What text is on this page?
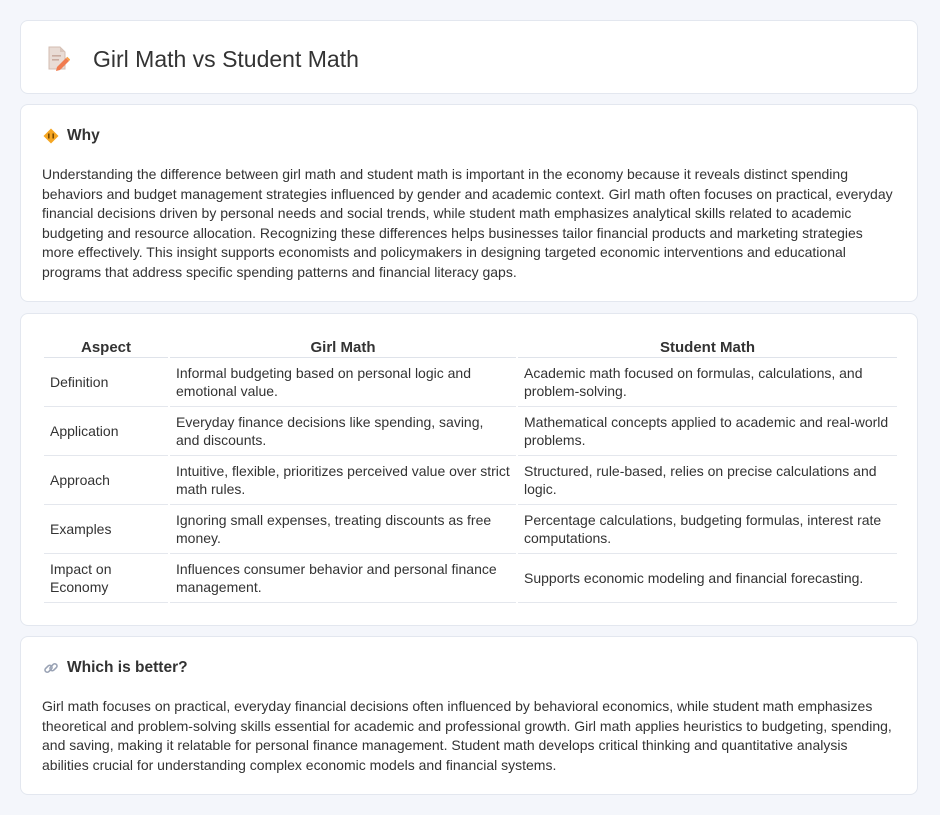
Girl Math vs Student Math
Why

Understanding the difference between girl math and student math is important in the economy because it reveals distinct spending behaviors and budget management strategies influenced by gender and academic context. Girl math often focuses on practical, everyday financial decisions driven by personal needs and social trends, while student math emphasizes analytical skills related to academic budgeting and resource allocation. Recognizing these differences helps businesses tailor financial products and marketing strategies more effectively. This insight supports economists and policymakers in designing targeted economic interventions and educational programs that address specific spending patterns and financial literacy gaps.

Aspect	Girl Math	Student Math
Definition	Informal budgeting based on personal logic and emotional value.	Academic math focused on formulas, calculations, and problem-solving.
Application	Everyday finance decisions like spending, saving, and discounts.	Mathematical concepts applied to academic and real-world problems.
Approach	Intuitive, flexible, prioritizes perceived value over strict math rules.	Structured, rule-based, relies on precise calculations and logic.
Examples	Ignoring small expenses, treating discounts as free money.	Percentage calculations, budgeting formulas, interest rate computations.
Impact on Economy	Influences consumer behavior and personal finance management.	Supports economic modeling and financial forecasting.
Which is better?

Girl math focuses on practical, everyday financial decisions often influenced by behavioral economics, while student math emphasizes theoretical and problem-solving skills essential for academic and professional growth. Girl math applies heuristics to budgeting, spending, and saving, making it relatable for personal finance management. Student math develops critical thinking and quantitative analysis abilities crucial for understanding complex economic models and financial systems.
